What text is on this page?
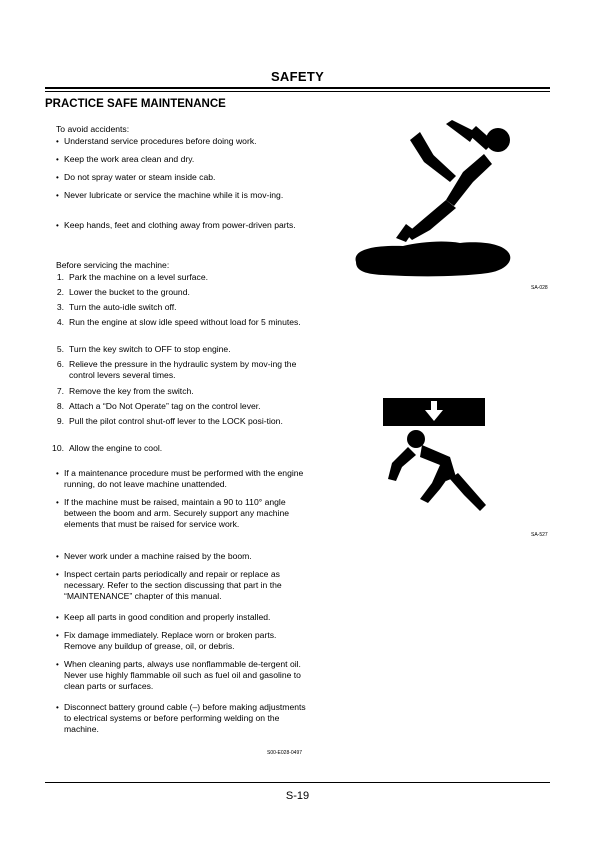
SAFETY
PRACTICE SAFE MAINTENANCE
To avoid accidents:
• Understand service procedures before doing work.
• Keep the work area clean and dry.
• Do not spray water or steam inside cab.
• Never lubricate or service the machine while it is mov-ing.
• Keep hands, feet and clothing away from power-driven parts.
Before servicing the machine:
1. Park the machine on a level surface.
2. Lower the bucket to the ground.
3. Turn the auto-idle switch off.
4. Run the engine at slow idle speed without load for 5 minutes.
5. Turn the key switch to OFF to stop engine.
6. Relieve the pressure in the hydraulic system by mov-ing the control levers several times.
7. Remove the key from the switch.
8. Attach a “Do Not Operate” tag on the control lever.
9. Pull the pilot control shut-off lever to the LOCK posi-tion.
10. Allow the engine to cool.
• If a maintenance procedure must be performed with the engine running, do not leave machine unattended.
• If the machine must be raised, maintain a 90 to 110° angle between the boom and arm. Securely support any machine elements that must be raised for service work.
• Never work under a machine raised by the boom.
• Inspect certain parts periodically and repair or replace as necessary. Refer to the section discussing that part in the “MAINTENANCE” chapter of this manual.
• Keep all parts in good condition and properly installed.
• Fix damage immediately. Replace worn or broken parts. Remove any buildup of grease, oil, or debris.
• When cleaning parts, always use nonflammable de-tergent oil. Never use highly flammable oil such as fuel oil and gasoline to clean parts or surfaces.
• Disconnect battery ground cable (–) before making adjustments to electrical systems or before performing welding on the machine.
S00-E028-0497
SA-028
SA-527
S-19
